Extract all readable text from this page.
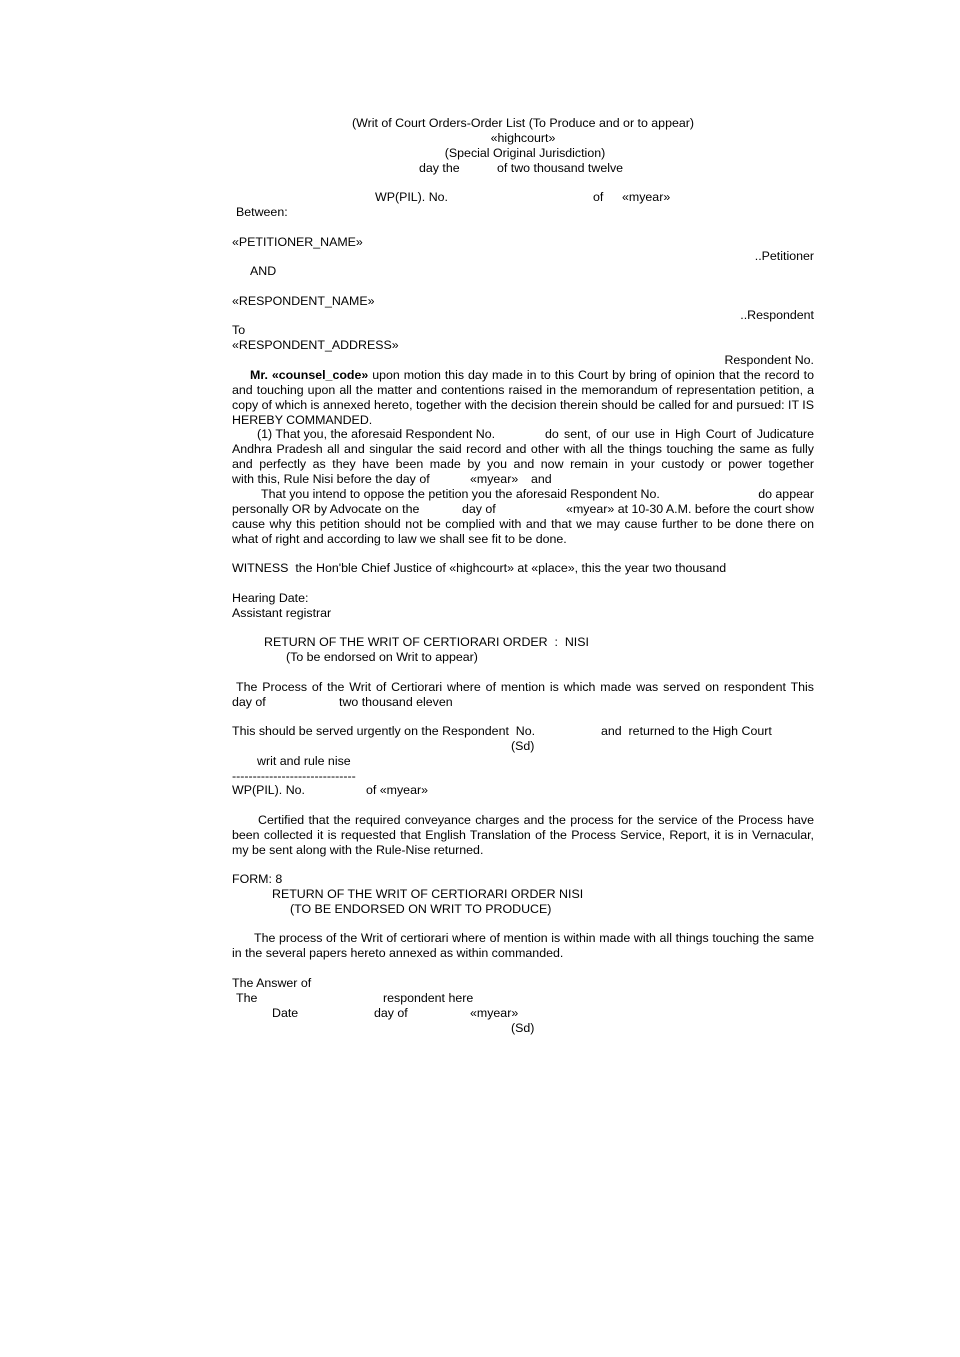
(Writ of Court Orders-Order List (To Produce and or to appear)
«highcourt»
(Special Original Jurisdiction)
day the	of two thousand twelve
WP(PIL). No.	of «myear»
Between:
«PETITIONER_NAME»
..Petitioner
AND
«RESPONDENT_NAME»
..Respondent
To
«RESPONDENT_ADDRESS»
Respondent No.
Mr. «counsel_code» upon motion this day made in to this Court by bring of opinion that the record to and touching upon all the matter and contentions raised in the memorandum of representation petition, a copy of which is annexed hereto, together with the decision therein should be called for and pursued: IT IS HEREBY COMMANDED.
(1) That you, the aforesaid Respondent No.	do sent, of our use in High Court of Judicature Andhra Pradesh all and singular the said record and other with all the things touching the same as fully and perfectly as they have been made by you and now remain in your custody or power together
with this, Rule Nisi before the day of	«myear» and
That you intend to oppose the petition you the aforesaid Respondent No.	do appear
personally OR by Advocate on the	day of	«myear» at 10-30 A.M. before the court show
cause why this petition should not be complied with and that we may cause further to be done there on what of right and according to law we shall see fit to be done.
WITNESS  the Hon'ble Chief Justice of «highcourt» at «place», this the year two thousand
Hearing Date:
Assistant registrar
RETURN OF THE WRIT OF CERTIORARI ORDER  :  NISI
(To be endorsed on Writ to appear)
The Process of the Writ of Certiorari where of mention is which made was served on respondent This
day of	two thousand eleven
This should be served urgently on the Respondent  No.	and  returned to the High Court
(Sd)
writ and rule nise
------------------------------
WP(PIL). No.	of «myear»
Certified that the required conveyance charges and the process for the service of the Process have been collected it is requested that English Translation of the Process Service, Report, it is in Vernacular, my be sent along with the Rule-Nise returned.
FORM: 8
RETURN OF THE WRIT OF CERTIORARI ORDER NISI
(TO BE ENDORSED ON WRIT TO PRODUCE)
The process of the Writ of certiorari where of mention is within made with all things touching the same in the several papers hereto annexed as within commanded.
The Answer of
The	respondent here
Date	day of	«myear»
(Sd)
